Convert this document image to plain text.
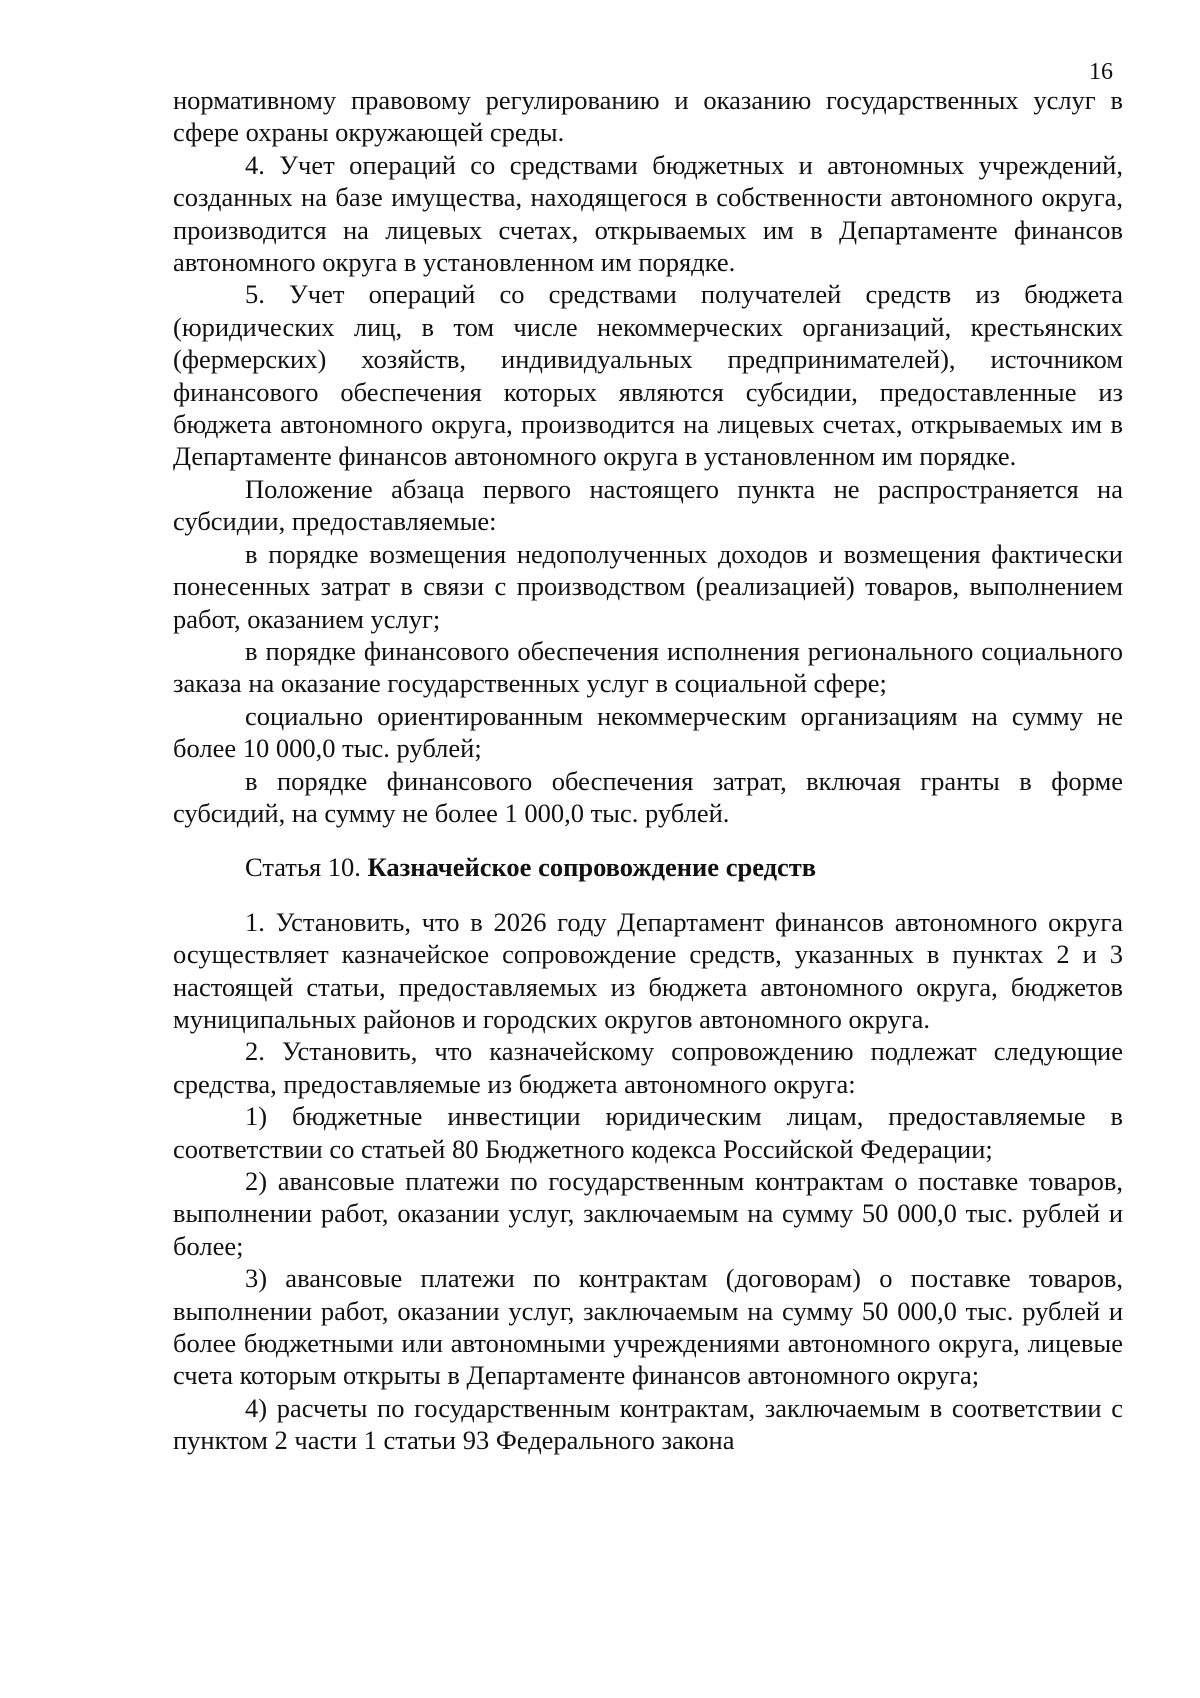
16

нормативному правовому регулированию и оказанию государственных услуг в сфере охраны окружающей среды.

4. Учет операций со средствами бюджетных и автономных учреждений, созданных на базе имущества, находящегося в собственности автономного округа, производится на лицевых счетах, открываемых им в Департаменте финансов автономного округа в установленном им порядке.

5. Учет операций со средствами получателей средств из бюджета (юридических лиц, в том числе некоммерческих организаций, крестьянских (фермерских) хозяйств, индивидуальных предпринимателей), источником финансового обеспечения которых являются субсидии, предоставленные из бюджета автономного округа, производится на лицевых счетах, открываемых им в Департаменте финансов автономного округа в установленном им порядке.

Положение абзаца первого настоящего пункта не распространяется на субсидии, предоставляемые:

в порядке возмещения недополученных доходов и возмещения фактически понесенных затрат в связи с производством (реализацией) товаров, выполнением работ, оказанием услуг;

в порядке финансового обеспечения исполнения регионального социального заказа на оказание государственных услуг в социальной сфере;

социально ориентированным некоммерческим организациям на сумму не более 10 000,0 тыс. рублей;

в порядке финансового обеспечения затрат, включая гранты в форме субсидий, на сумму не более 1 000,0 тыс. рублей.

Статья 10. Казначейское сопровождение средств

1. Установить, что в 2026 году Департамент финансов автономного округа осуществляет казначейское сопровождение средств, указанных в пунктах 2 и 3 настоящей статьи, предоставляемых из бюджета автономного округа, бюджетов муниципальных районов и городских округов автономного округа.

2. Установить, что казначейскому сопровождению подлежат следующие средства, предоставляемые из бюджета автономного округа:

1) бюджетные инвестиции юридическим лицам, предоставляемые в соответствии со статьей 80 Бюджетного кодекса Российской Федерации;

2) авансовые платежи по государственным контрактам о поставке товаров, выполнении работ, оказании услуг, заключаемым на сумму 50 000,0 тыс. рублей и более;

3) авансовые платежи по контрактам (договорам) о поставке товаров, выполнении работ, оказании услуг, заключаемым на сумму 50 000,0 тыс. рублей и более бюджетными или автономными учреждениями автономного округа, лицевые счета которым открыты в Департаменте финансов автономного округа;

4) расчеты по государственным контрактам, заключаемым в соответствии с пунктом 2 части 1 статьи 93 Федерального закона
